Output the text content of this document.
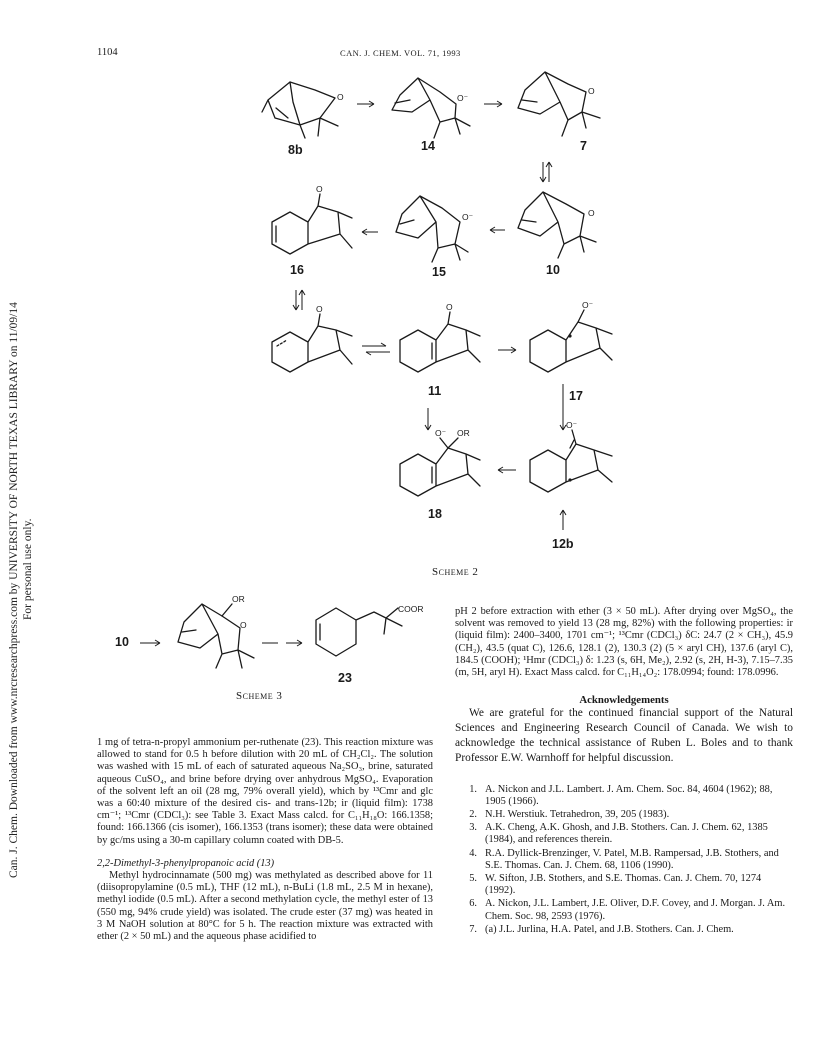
Can. J. Chem. Downloaded from www.nrcresearchpress.com by UNIVERSITY OF NORTH TEXAS LIBRARY on 11/09/14 For personal use only.
1104	CAN. J. CHEM. VOL. 71, 1993
O
8b
O⁻
14
O
7
O
16
O⁻
15
O
10
O	O
11
O⁻
17
O⁻ OR
18
O⁻
12b
10
OR
O
COOR
23
Scheme 2
Scheme 3

1 mg of tetra-n-propyl ammonium per-ruthenate (23). This reaction mixture was allowed to stand for 0.5 h before dilution with 20 mL of CH₂Cl₂. The solution was washed with 15 mL of each of saturated aqueous Na₂SO₃, brine, saturated aqueous CuSO₄, and brine before drying over anhydrous MgSO₄. Evaporation of the solvent left an oil (28 mg, 79% overall yield), which by ¹³Cmr and glc was a 60:40 mixture of the desired cis- and trans-12b; ir (liquid film): 1738 cm⁻¹; ¹³Cmr (CDCl₃): see Table 3. Exact Mass calcd. for C₁₁H₁₈O: 166.1358; found: 166.1366 (cis isomer), 166.1353 (trans isomer); these data were obtained by gc/ms using a 30-m capillary column coated with DB-5.

2,2-Dimethyl-3-phenylpropanoic acid (13)

Methyl hydrocinnamate (500 mg) was methylated as described above for 11 (diisopropylamine (0.5 mL), THF (12 mL), n-BuLi (1.8 mL, 2.5 M in hexane), methyl iodide (0.5 mL). After a second methylation cycle, the methyl ester of 13 (550 mg, 94% crude yield) was isolated. The crude ester (37 mg) was heated in 3 M NaOH solution at 80°C for 5 h. The reaction mixture was extracted with ether (2 × 50 mL) and the aqueous phase acidified to

pH 2 before extraction with ether (3 × 50 mL). After drying over MgSO₄, the solvent was removed to yield 13 (28 mg, 82%) with the following properties: ir (liquid film): 2400–3400, 1701 cm⁻¹; ¹³Cmr (CDCl₃) δC: 24.7 (2 × CH₃), 45.9 (CH₂), 43.5 (quat C), 126.6, 128.1 (2), 130.3 (2) (5 × aryl CH), 137.6 (aryl C), 184.5 (COOH); ¹Hmr (CDCl₃) δ: 1.23 (s, 6H, Me₂), 2.92 (s, 2H, H-3), 7.15–7.35 (m, 5H, aryl H). Exact Mass calcd. for C₁₁H₁₄O₂: 178.0994; found: 178.0996.

Acknowledgements

We are grateful for the continued financial support of the Natural Sciences and Engineering Research Council of Canada. We wish to acknowledge the technical assistance of Ruben L. Boles and to thank Professor E.W. Warnhoff for helpful discussion.

1. A. Nickon and J.L. Lambert. J. Am. Chem. Soc. 84, 4604 (1962); 88, 1905 (1966).
2. N.H. Werstiuk. Tetrahedron, 39, 205 (1983).
3. A.K. Cheng, A.K. Ghosh, and J.B. Stothers. Can. J. Chem. 62, 1385 (1984), and references therein.
4. R.A. Dyllick-Brenzinger, V. Patel, M.B. Rampersad, J.B. Stothers, and S.E. Thomas. Can. J. Chem. 68, 1106 (1990).
5. W. Sifton, J.B. Stothers, and S.E. Thomas. Can. J. Chem. 70, 1274 (1992).
6. A. Nickon, J.L. Lambert, J.E. Oliver, D.F. Covey, and J. Morgan. J. Am. Chem. Soc. 98, 2593 (1976).
7. (a) J.L. Jurlina, H.A. Patel, and J.B. Stothers. Can. J. Chem.
